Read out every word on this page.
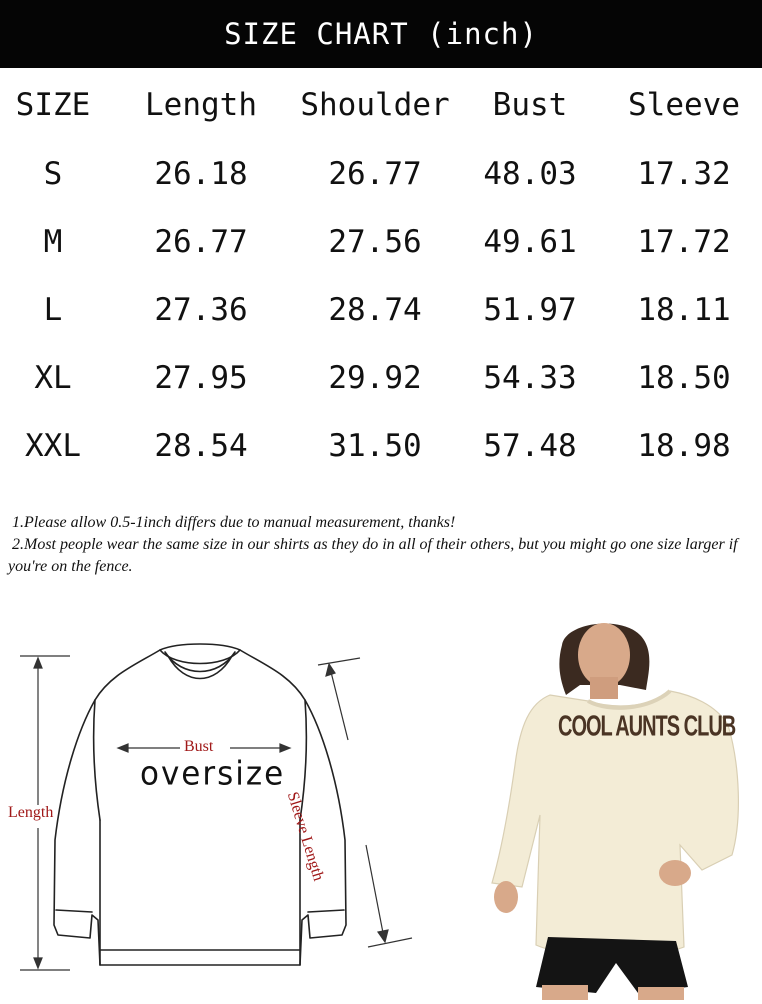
SIZE CHART (inch)
SIZE	Length	Shoulder	Bust	Sleeve
S	26.18	26.77	48.03	17.32
M	26.77	27.56	49.61	17.72
L	27.36	28.74	51.97	18.11
XL	27.95	29.92	54.33	18.50
XXL	28.54	31.50	57.48	18.98

1.Please allow 0.5-1inch differs due to manual measurement, thanks!

2.Most people wear the same size in our shirts as they do in all of their others, but you might go one size larger if you're on the fence.

Length
Bust
Sleeve Length
oversize
COOL AUNTS CLUB
